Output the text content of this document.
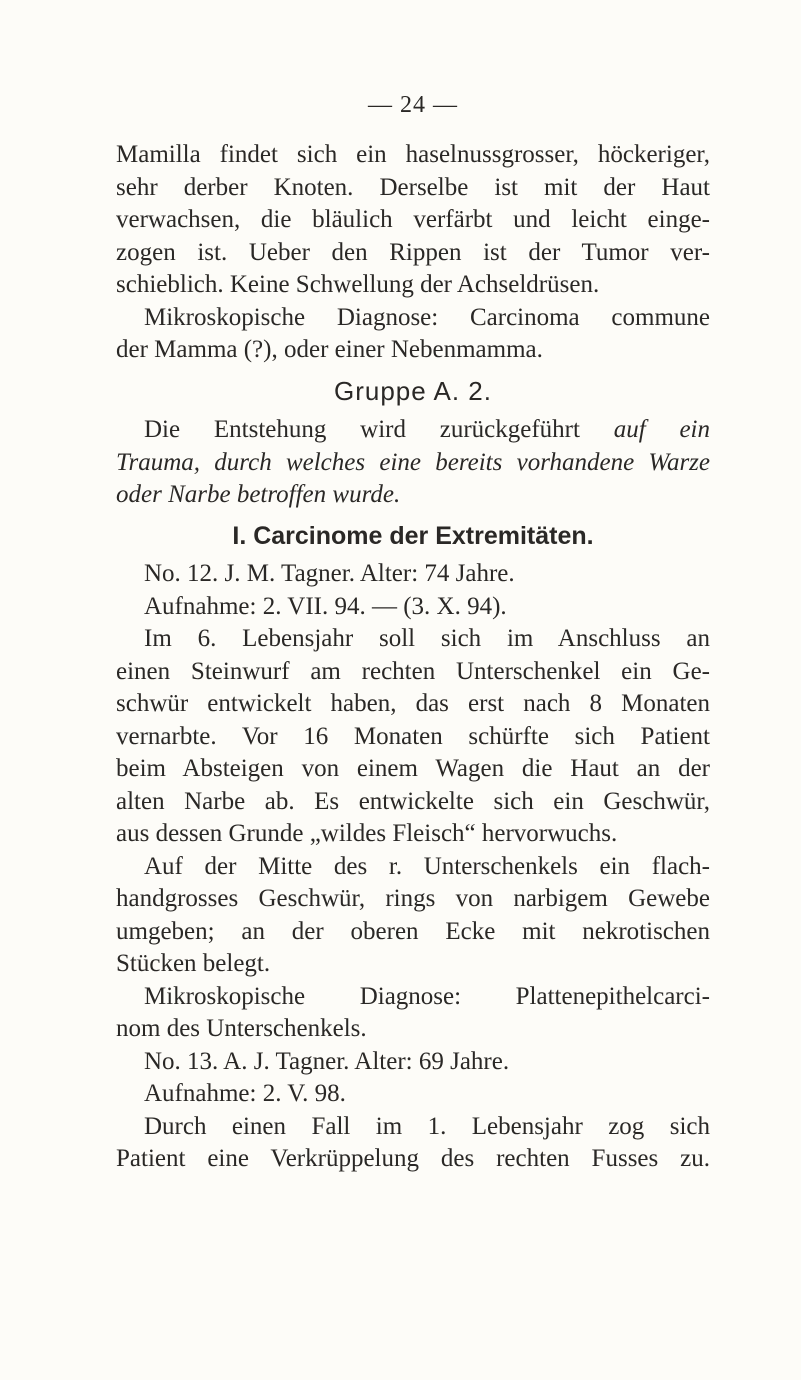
— 24 —

Mamilla findet sich ein haselnussgrosser, höckeriger,
sehr derber Knoten. Derselbe ist mit der Haut
verwachsen, die bläulich verfärbt und leicht einge-
zogen ist. Ueber den Rippen ist der Tumor ver-
schieblich. Keine Schwellung der Achseldrüsen.

Mikroskopische Diagnose: Carcinoma commune
der Mamma (?), oder einer Nebenmamma.

Gruppe A. 2.

Die Entstehung wird zurückgeführt auf ein
Trauma, durch welches eine bereits vorhandene Warze
oder Narbe betroffen wurde.

I. Carcinome der Extremitäten.
No. 12. J. M. Tagner. Alter: 74 Jahre.
Aufnahme: 2. VII. 94. — (3. X. 94).

Im 6. Lebensjahr soll sich im Anschluss an
einen Steinwurf am rechten Unterschenkel ein Ge-
schwür entwickelt haben, das erst nach 8 Monaten
vernarbte. Vor 16 Monaten schürfte sich Patient
beim Absteigen von einem Wagen die Haut an der
alten Narbe ab. Es entwickelte sich ein Geschwür,
aus dessen Grunde „wildes Fleisch“ hervorwuchs.

Auf der Mitte des r. Unterschenkels ein flach-
handgrosses Geschwür, rings von narbigem Gewebe
umgeben; an der oberen Ecke mit nekrotischen
Stücken belegt.

Mikroskopische Diagnose: Plattenepithelcarci-
nom des Unterschenkels.

No. 13. A. J. Tagner. Alter: 69 Jahre.
Aufnahme: 2. V. 98.

Durch einen Fall im 1. Lebensjahr zog sich
Patient eine Verkrüppelung des rechten Fusses zu.
